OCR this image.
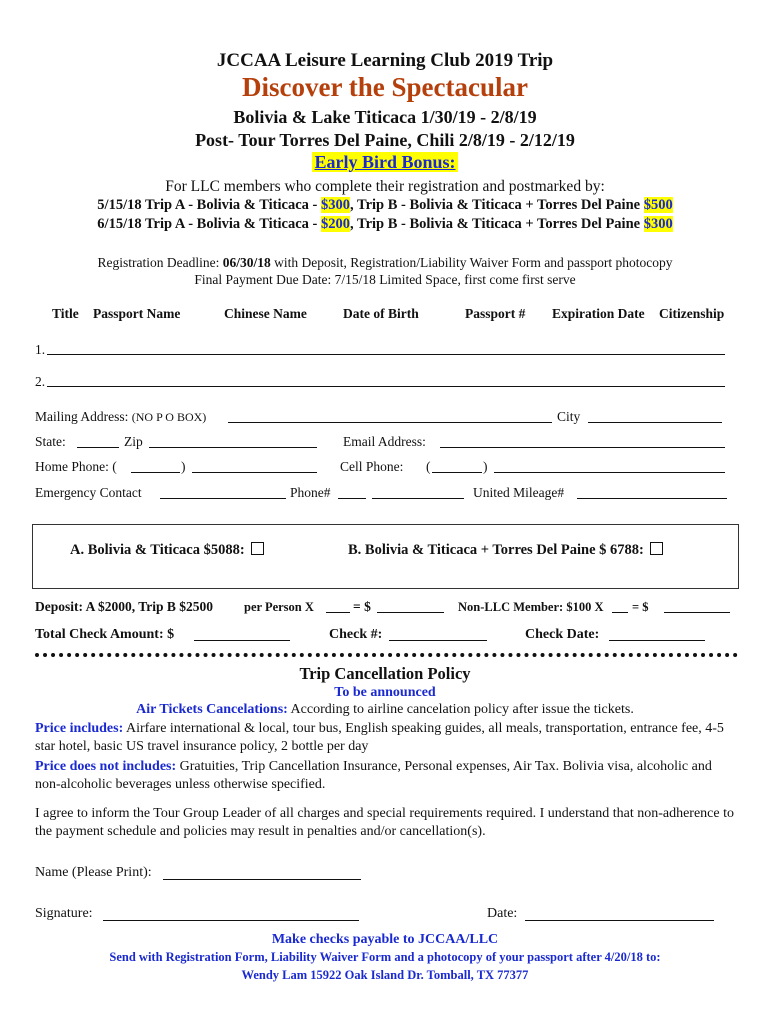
JCCAA Leisure Learning Club 2019 Trip
Discover the Spectacular
Bolivia & Lake Titicaca 1/30/19 - 2/8/19
Post- Tour Torres Del Paine, Chili 2/8/19 - 2/12/19
Early Bird Bonus:
For LLC members who complete their registration and postmarked by:
5/15/18 Trip A - Bolivia & Titicaca - $300, Trip B - Bolivia & Titicaca + Torres Del Paine $500
6/15/18 Trip A - Bolivia & Titicaca - $200, Trip B - Bolivia & Titicaca + Torres Del Paine $300
Registration Deadline: 06/30/18 with Deposit, Registration/Liability Waiver Form and passport photocopy
Final Payment Due Date: 7/15/18 Limited Space, first come first serve
Title Passport Name	Chinese Name	Date of Birth	Passport # Expiration Date Citizenship
1.
2.
Mailing Address: (NO P O BOX)	City
State:	Zip	Email Address:
Home Phone: (	)	Cell Phone: (	)
Emergency Contact	Phone#	United Mileage#
A. Bolivia & Titicaca $5088:	B. Bolivia & Titicaca + Torres Del Paine $ 6788:
Deposit: A $2000, Trip B $2500 per Person X	= $	Non-LLC Member: $100 X = $
Total Check Amount: $	Check #:	Check Date:
Trip Cancellation Policy
To be announced
Air Tickets Cancelations: According to airline cancelation policy after issue the tickets.
Price includes: Airfare international & local, tour bus, English speaking guides, all meals, transportation, entrance fee, 4-5 star hotel, basic US travel insurance policy, 2 bottle per day
Price does not includes: Gratuities, Trip Cancellation Insurance, Personal expenses, Air Tax. Bolivia visa, alcoholic and non-alcoholic beverages unless otherwise specified.
I agree to inform the Tour Group Leader of all charges and special requirements required. I understand that non-adherence to the payment schedule and policies may result in penalties and/or cancellation(s).
Name (Please Print):
Signature:	Date:
Make checks payable to JCCAA/LLC
Send with Registration Form, Liability Waiver Form and a photocopy of your passport after 4/20/18 to:
Wendy Lam 15922 Oak Island Dr. Tomball, TX 77377
